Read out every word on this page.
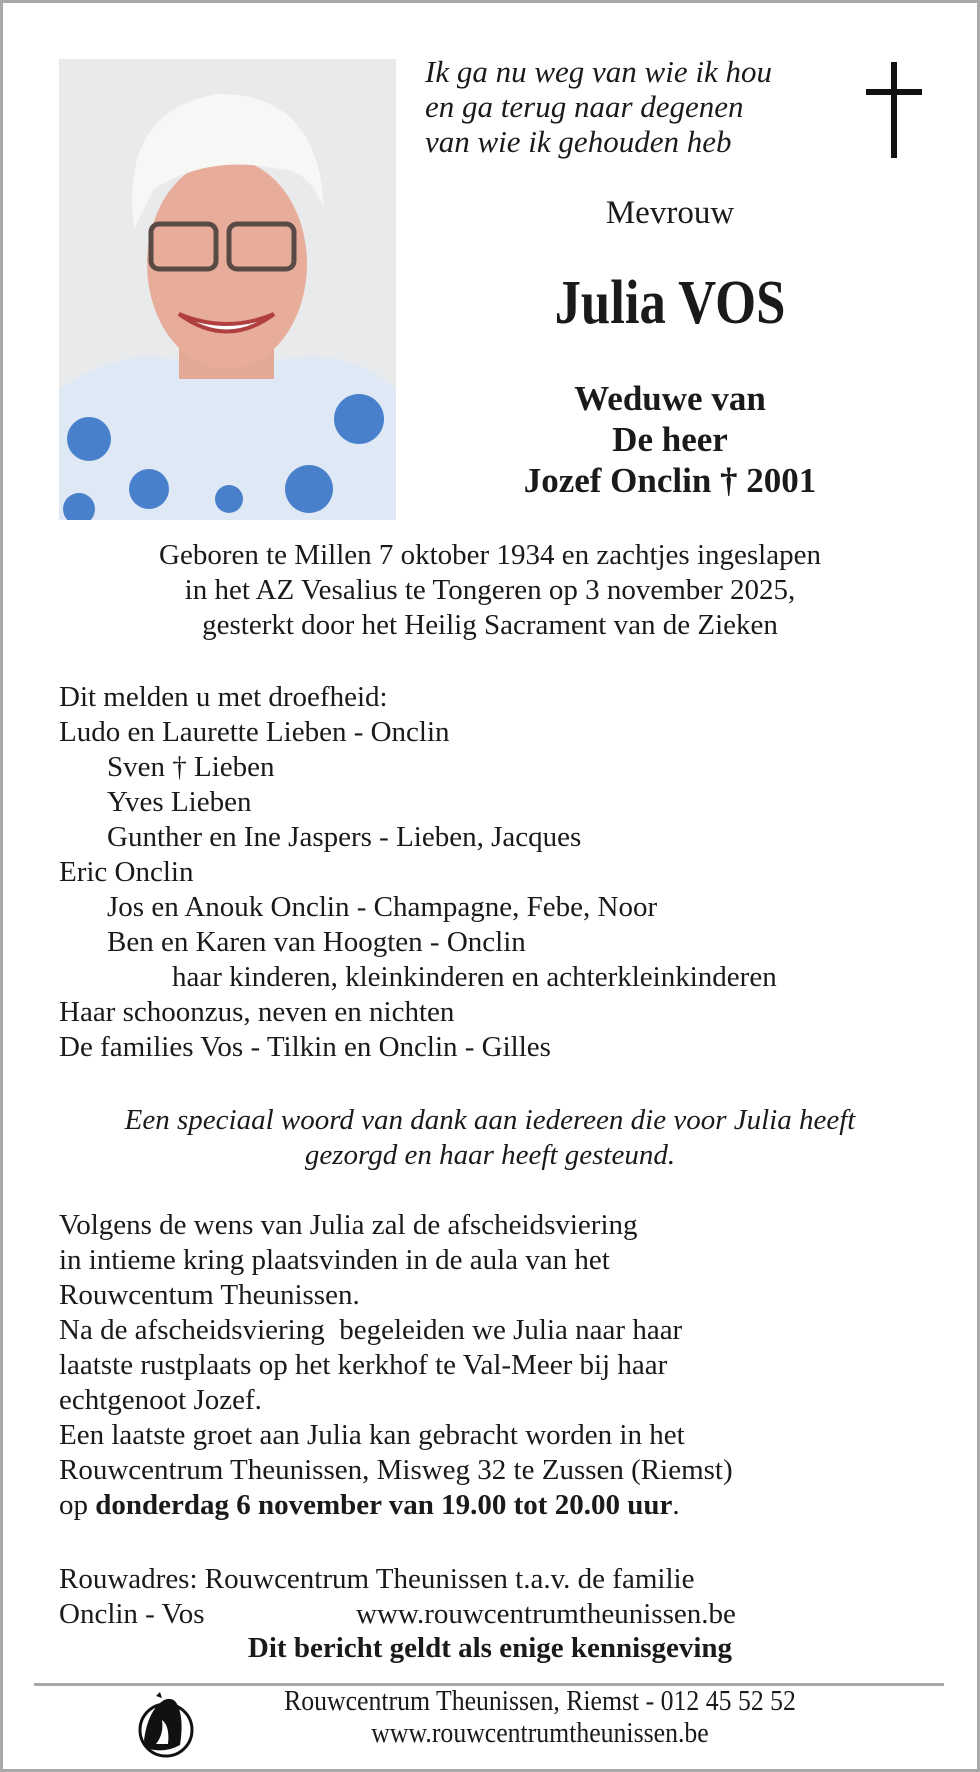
Ik ga nu weg van wie ik hou
en ga terug naar degenen
van wie ik gehouden heb
Mevrouw
Julia VOS
Weduwe van
De heer
Jozef Onclin † 2001
Geboren te Millen 7 oktober 1934 en zachtjes ingeslapen
in het AZ Vesalius te Tongeren op 3 november 2025,
gesterkt door het Heilig Sacrament van de Zieken
Dit melden u met droefheid:
Ludo en Laurette Lieben - Onclin
Sven † Lieben
Yves Lieben
Gunther en Ine Jaspers - Lieben, Jacques
Eric Onclin
Jos en Anouk Onclin - Champagne, Febe, Noor
Ben en Karen van Hoogten - Onclin
haar kinderen, kleinkinderen en achterkleinkinderen
Haar schoonzus, neven en nichten
De families Vos - Tilkin en Onclin - Gilles
Een speciaal woord van dank aan iedereen die voor Julia heeft
gezorgd en haar heeft gesteund.
Volgens de wens van Julia zal de afscheidsviering
in intieme kring plaatsvinden in de aula van het
Rouwcentum Theunissen.
Na de afscheidsviering  begeleiden we Julia naar haar
laatste rustplaats op het kerkhof te Val-Meer bij haar
echtgenoot Jozef.
Een laatste groet aan Julia kan gebracht worden in het
Rouwcentrum Theunissen, Misweg 32 te Zussen (Riemst)
op donderdag 6 november van 19.00 tot 20.00 uur.
Rouwadres: Rouwcentrum Theunissen t.a.v. de familie
Onclin - Vos	www.rouwcentrumtheunissen.be
Dit bericht geldt als enige kennisgeving
Rouwcentrum Theunissen, Riemst - 012 45 52 52
www.rouwcentrumtheunissen.be
